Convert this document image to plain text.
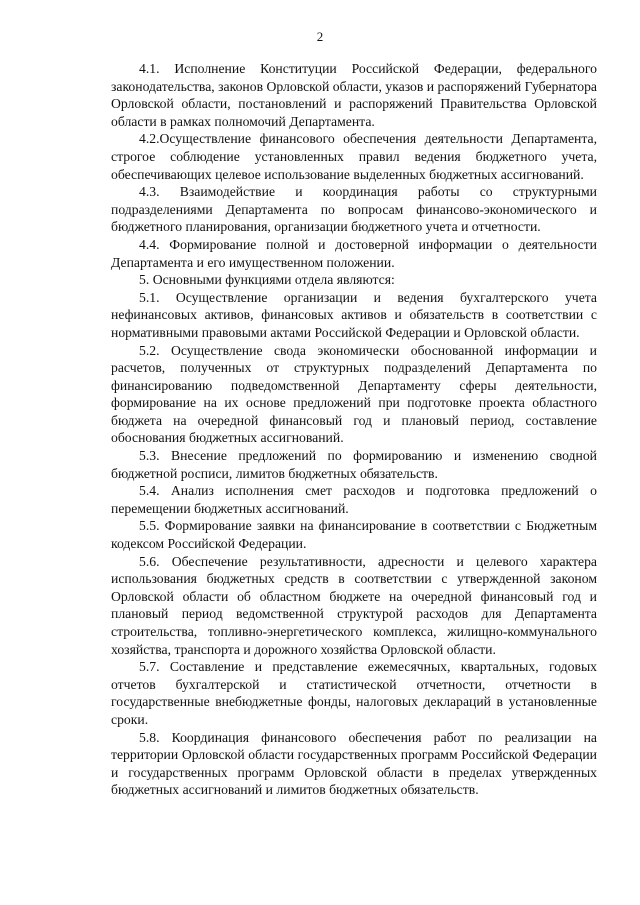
2

4.1. Исполнение Конституции Российской Федерации, федерального законодательства, законов Орловской области, указов и распоряжений Губернатора Орловской области, постановлений и распоряжений Правительства Орловской области в рамках полномочий Департамента.

4.2.Осуществление финансового обеспечения деятельности Департамента, строгое соблюдение установленных правил ведения бюджетного учета, обеспечивающих целевое использование выделенных бюджетных ассигнований.

4.3. Взаимодействие и координация работы со структурными подразделениями Департамента по вопросам финансово-экономического и бюджетного планирования, организации бюджетного учета и отчетности.

4.4. Формирование полной и достоверной информации о деятельности Департамента и его имущественном положении.

5. Основными функциями отдела являются:

5.1. Осуществление организации и ведения бухгалтерского учета нефинансовых активов, финансовых активов и обязательств в соответствии с нормативными правовыми актами Российской Федерации и Орловской области.

5.2. Осуществление свода экономически обоснованной информации и расчетов, полученных от структурных подразделений Департамента по финансированию подведомственной Департаменту сферы деятельности, формирование на их основе предложений при подготовке проекта областного бюджета на очередной финансовый год и плановый период, составление обоснования бюджетных ассигнований.

5.3. Внесение предложений по формированию и изменению сводной бюджетной росписи, лимитов бюджетных обязательств.

5.4. Анализ исполнения смет расходов и подготовка предложений о перемещении бюджетных ассигнований.

5.5. Формирование заявки на финансирование в соответствии с Бюджетным кодексом Российской Федерации.

5.6. Обеспечение результативности, адресности и целевого характера использования бюджетных средств в соответствии с утвержденной законом Орловской области об областном бюджете на очередной финансовый год и плановый период ведомственной структурой расходов для Департамента строительства, топливно-энергетического комплекса, жилищно-коммунального хозяйства, транспорта и дорожного хозяйства Орловской области.

5.7. Составление и представление ежемесячных, квартальных, годовых отчетов бухгалтерской и статистической отчетности, отчетности в государственные внебюджетные фонды, налоговых деклараций в установленные сроки.

5.8. Координация финансового обеспечения работ по реализации на территории Орловской области государственных программ Российской Федерации и государственных программ Орловской области в пределах утвержденных бюджетных ассигнований и лимитов бюджетных обязательств.
